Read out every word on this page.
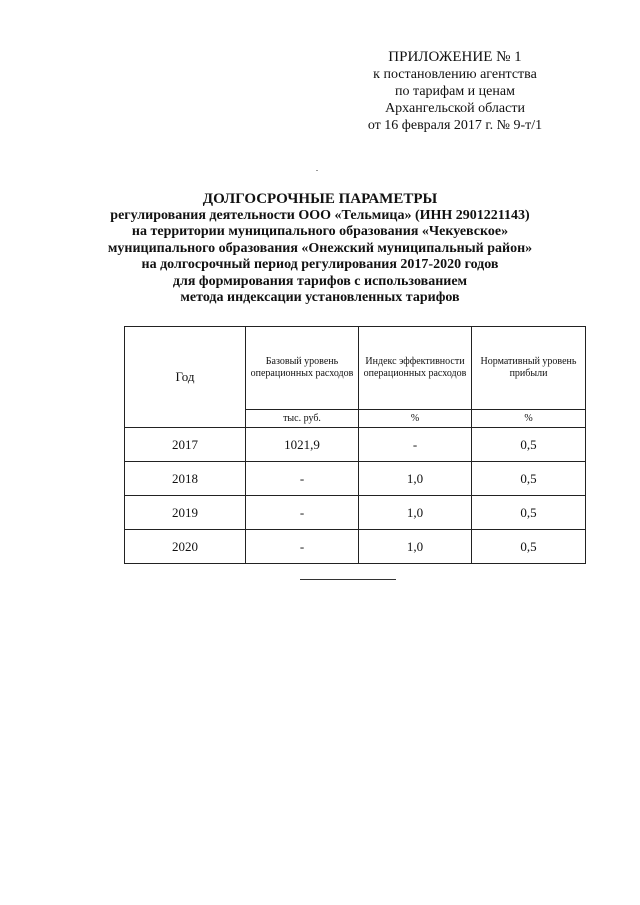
ПРИЛОЖЕНИЕ № 1
к постановлению агентства
по тарифам и ценам
Архангельской области
от 16 февраля 2017 г. № 9-т/1
ДОЛГОСРОЧНЫЕ ПАРАМЕТРЫ
регулирования деятельности ООО «Тельмица» (ИНН 2901221143)
на территории муниципального образования «Чекуевское»
муниципального образования «Онежский муниципальный район»
на долгосрочный период регулирования 2017-2020 годов
для формирования тарифов с использованием
метода индексации установленных тарифов
Год	Базовый уровень операционных расходов	Индекс эффективности операционных расходов	Нормативный уровень прибыли
	тыс. руб.	%	%
2017	1021,9	-	0,5
2018	-	1,0	0,5
2019	-	1,0	0,5
2020	-	1,0	0,5
